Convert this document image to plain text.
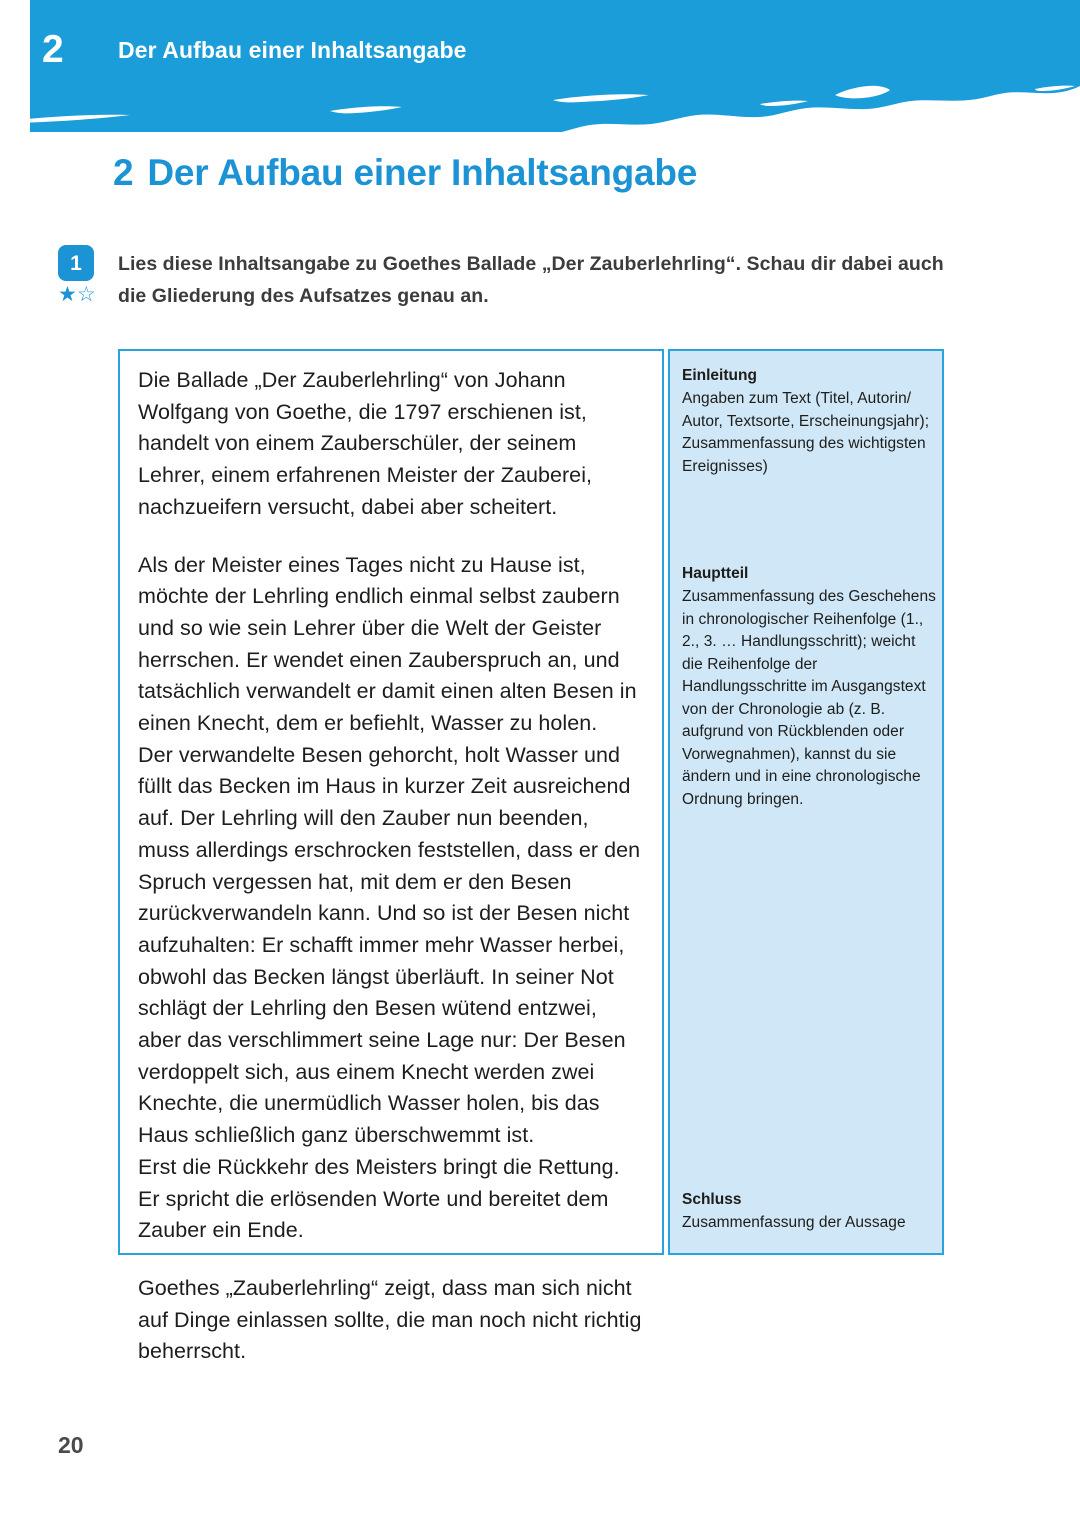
2 Der Aufbau einer Inhaltsangabe
2 Der Aufbau einer Inhaltsangabe
1
★☆
Lies diese Inhaltsangabe zu Goethes Ballade „Der Zauberlehrling“. Schau dir dabei auch die Gliederung des Aufsatzes genau an.

Die Ballade „Der Zauberlehrling“ von Johann Wolfgang von Goethe, die 1797 erschienen ist, handelt von einem Zauberschüler, der seinem Lehrer, einem erfahrenen Meister der Zauberei, nachzueifern versucht, dabei aber scheitert.

Als der Meister eines Tages nicht zu Hause ist, möchte der Lehrling endlich einmal selbst zaubern und so wie sein Lehrer über die Welt der Geister herrschen. Er wendet einen Zauberspruch an, und tatsächlich verwandelt er damit einen alten Besen in einen Knecht, dem er befiehlt, Wasser zu holen.

Der verwandelte Besen gehorcht, holt Wasser und füllt das Becken im Haus in kurzer Zeit ausreichend auf. Der Lehrling will den Zauber nun beenden, muss allerdings erschrocken feststellen, dass er den Spruch vergessen hat, mit dem er den Besen zurückverwandeln kann. Und so ist der Besen nicht aufzuhalten: Er schafft immer mehr Wasser herbei, obwohl das Becken längst überläuft. In seiner Not schlägt der Lehrling den Besen wütend entzwei, aber das verschlimmert seine Lage nur: Der Besen verdoppelt sich, aus einem Knecht werden zwei Knechte, die unermüdlich Wasser holen, bis das Haus schließlich ganz überschwemmt ist.

Erst die Rückkehr des Meisters bringt die Rettung. Er spricht die erlösenden Worte und bereitet dem Zauber ein Ende.

Goethes „Zauberlehrling“ zeigt, dass man sich nicht auf Dinge einlassen sollte, die man noch nicht richtig beherrscht.

Einleitung

Angaben zum Text (Titel, Autorin/ Autor, Textsorte, Erscheinungsjahr); Zusammenfassung des wichtigsten Ereignisses)

Hauptteil

Zusammenfassung des Geschehens in chronologischer Reihenfolge (1., 2., 3. … Handlungsschritt); weicht die Reihenfolge der Handlungsschritte im Ausgangstext von der Chronologie ab (z. B. aufgrund von Rückblenden oder Vorwegnahmen), kannst du sie ändern und in eine chronologische Ordnung bringen.

Schluss

Zusammenfassung der Aussage

20
